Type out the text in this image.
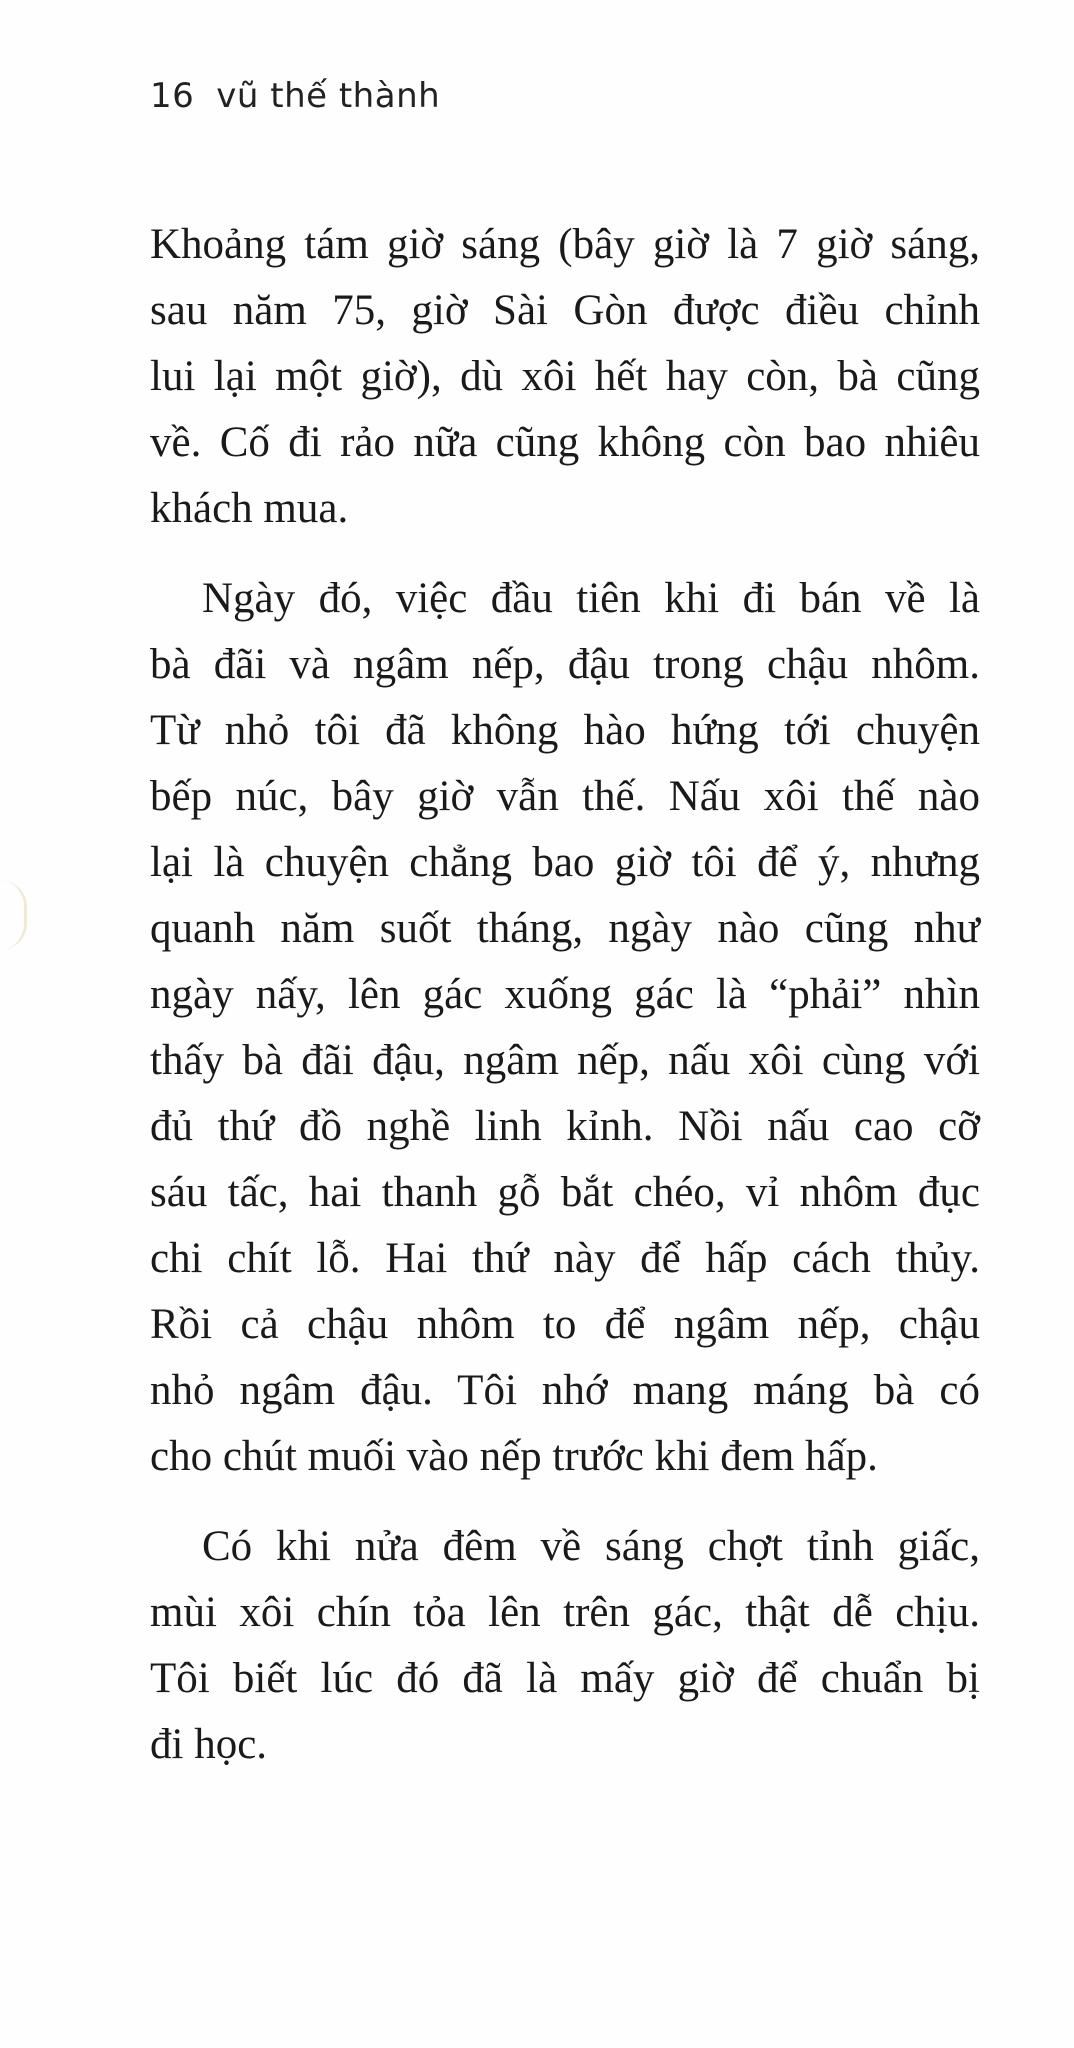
16 vũ thế thành
Khoảng tám giờ sáng (bây giờ là 7 giờ sáng,
sau năm 75, giờ Sài Gòn được điều chỉnh
lui lại một giờ), dù xôi hết hay còn, bà cũng
về. Cố đi rảo nữa cũng không còn bao nhiêu
khách mua.
Ngày đó, việc đầu tiên khi đi bán về là
bà đãi và ngâm nếp, đậu trong chậu nhôm.
Từ nhỏ tôi đã không hào hứng tới chuyện
bếp núc, bây giờ vẫn thế. Nấu xôi thế nào
lại là chuyện chẳng bao giờ tôi để ý, nhưng
quanh năm suốt tháng, ngày nào cũng như
ngày nấy, lên gác xuống gác là “phải” nhìn
thấy bà đãi đậu, ngâm nếp, nấu xôi cùng với
đủ thứ đồ nghề linh kỉnh. Nồi nấu cao cỡ
sáu tấc, hai thanh gỗ bắt chéo, vỉ nhôm đục
chi chít lỗ. Hai thứ này để hấp cách thủy.
Rồi cả chậu nhôm to để ngâm nếp, chậu
nhỏ ngâm đậu. Tôi nhớ mang máng bà có
cho chút muối vào nếp trước khi đem hấp.
Có khi nửa đêm về sáng chợt tỉnh giấc,
mùi xôi chín tỏa lên trên gác, thật dễ chịu.
Tôi biết lúc đó đã là mấy giờ để chuẩn bị
đi học.
